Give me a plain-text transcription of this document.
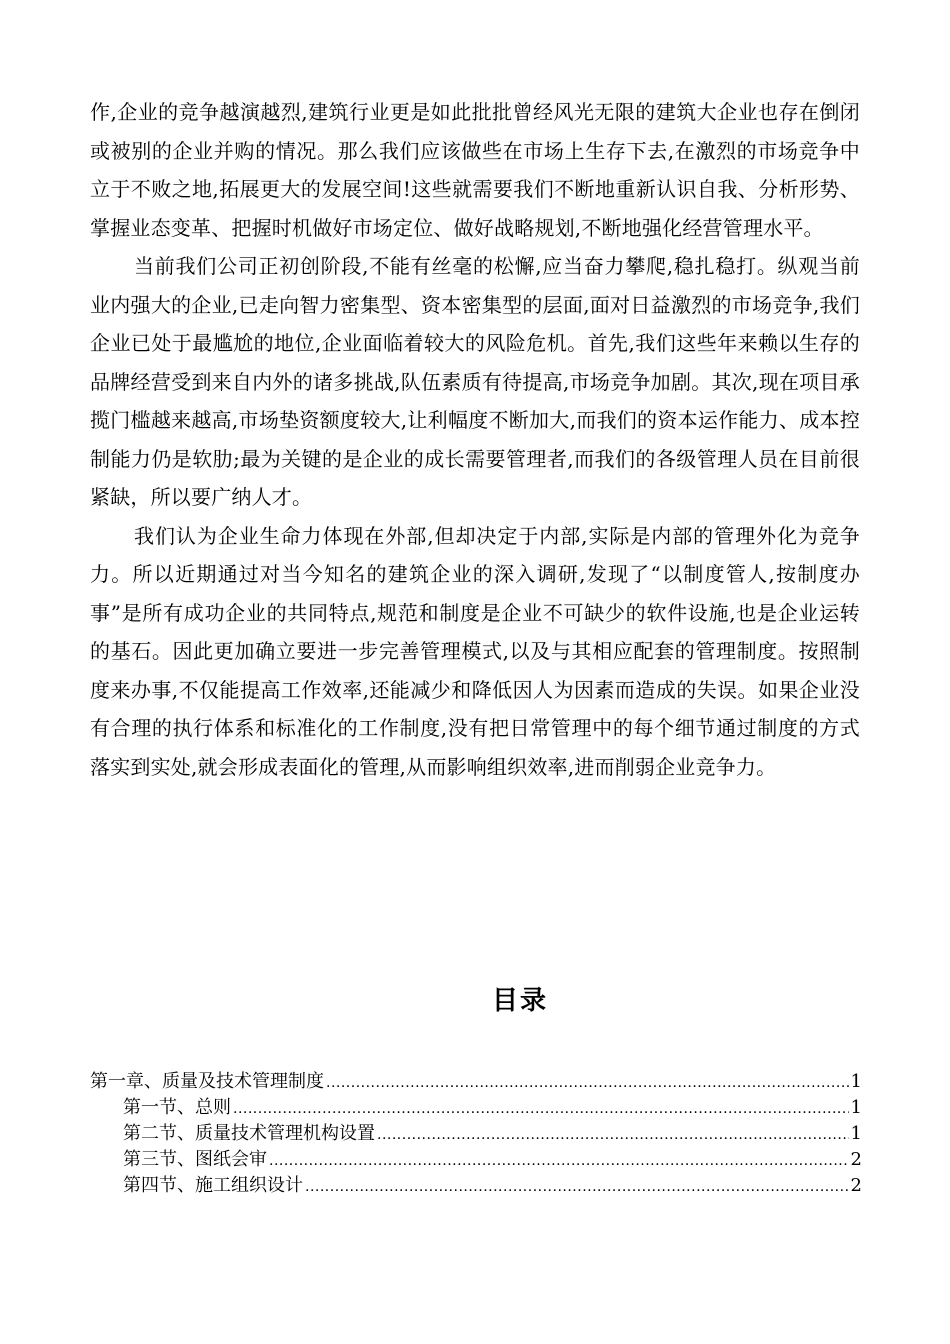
作,企业的竞争越演越烈,建筑行业更是如此批批曾经风光无限的建筑大企业也存在倒闭或被别的企业并购的情况。那么我们应该做些在市场上生存下去,在激烈的市场竞争中立于不败之地,拓展更大的发展空间!这些就需要我们不断地重新认识自我、分析形势、掌握业态变革、把握时机做好市场定位、做好战略规划,不断地强化经营管理水平。

当前我们公司正初创阶段,不能有丝毫的松懈,应当奋力攀爬,稳扎稳打。纵观当前业内强大的企业,已走向智力密集型、资本密集型的层面,面对日益激烈的市场竞争,我们企业已处于最尴尬的地位,企业面临着较大的风险危机。首先,我们这些年来赖以生存的品牌经营受到来自内外的诸多挑战,队伍素质有待提高,市场竞争加剧。其次,现在项目承揽门槛越来越高,市场垫资额度较大,让利幅度不断加大,而我们的资本运作能力、成本控制能力仍是软肋;最为关键的是企业的成长需要管理者,而我们的各级管理人员在目前很紧缺，所以要广纳人才。

我们认为企业生命力体现在外部,但却决定于内部,实际是内部的管理外化为竞争力。所以近期通过对当今知名的建筑企业的深入调研,发现了“以制度管人,按制度办事”是所有成功企业的共同特点,规范和制度是企业不可缺少的软件设施,也是企业运转的基石。因此更加确立要进一步完善管理模式,以及与其相应配套的管理制度。按照制度来办事,不仅能提高工作效率,还能减少和降低因人为因素而造成的失误。如果企业没有合理的执行体系和标准化的工作制度,没有把日常管理中的每个细节通过制度的方式落实到实处,就会形成表面化的管理,从而影响组织效率,进而削弱企业竞争力。

目录
第一章、质量及技术管理制度 .....	1
第一节、总则 .....	1
第二节、质量技术管理机构设置 .....	1
第三节、图纸会审 .....	2
第四节、施工组织设计 .....	2
